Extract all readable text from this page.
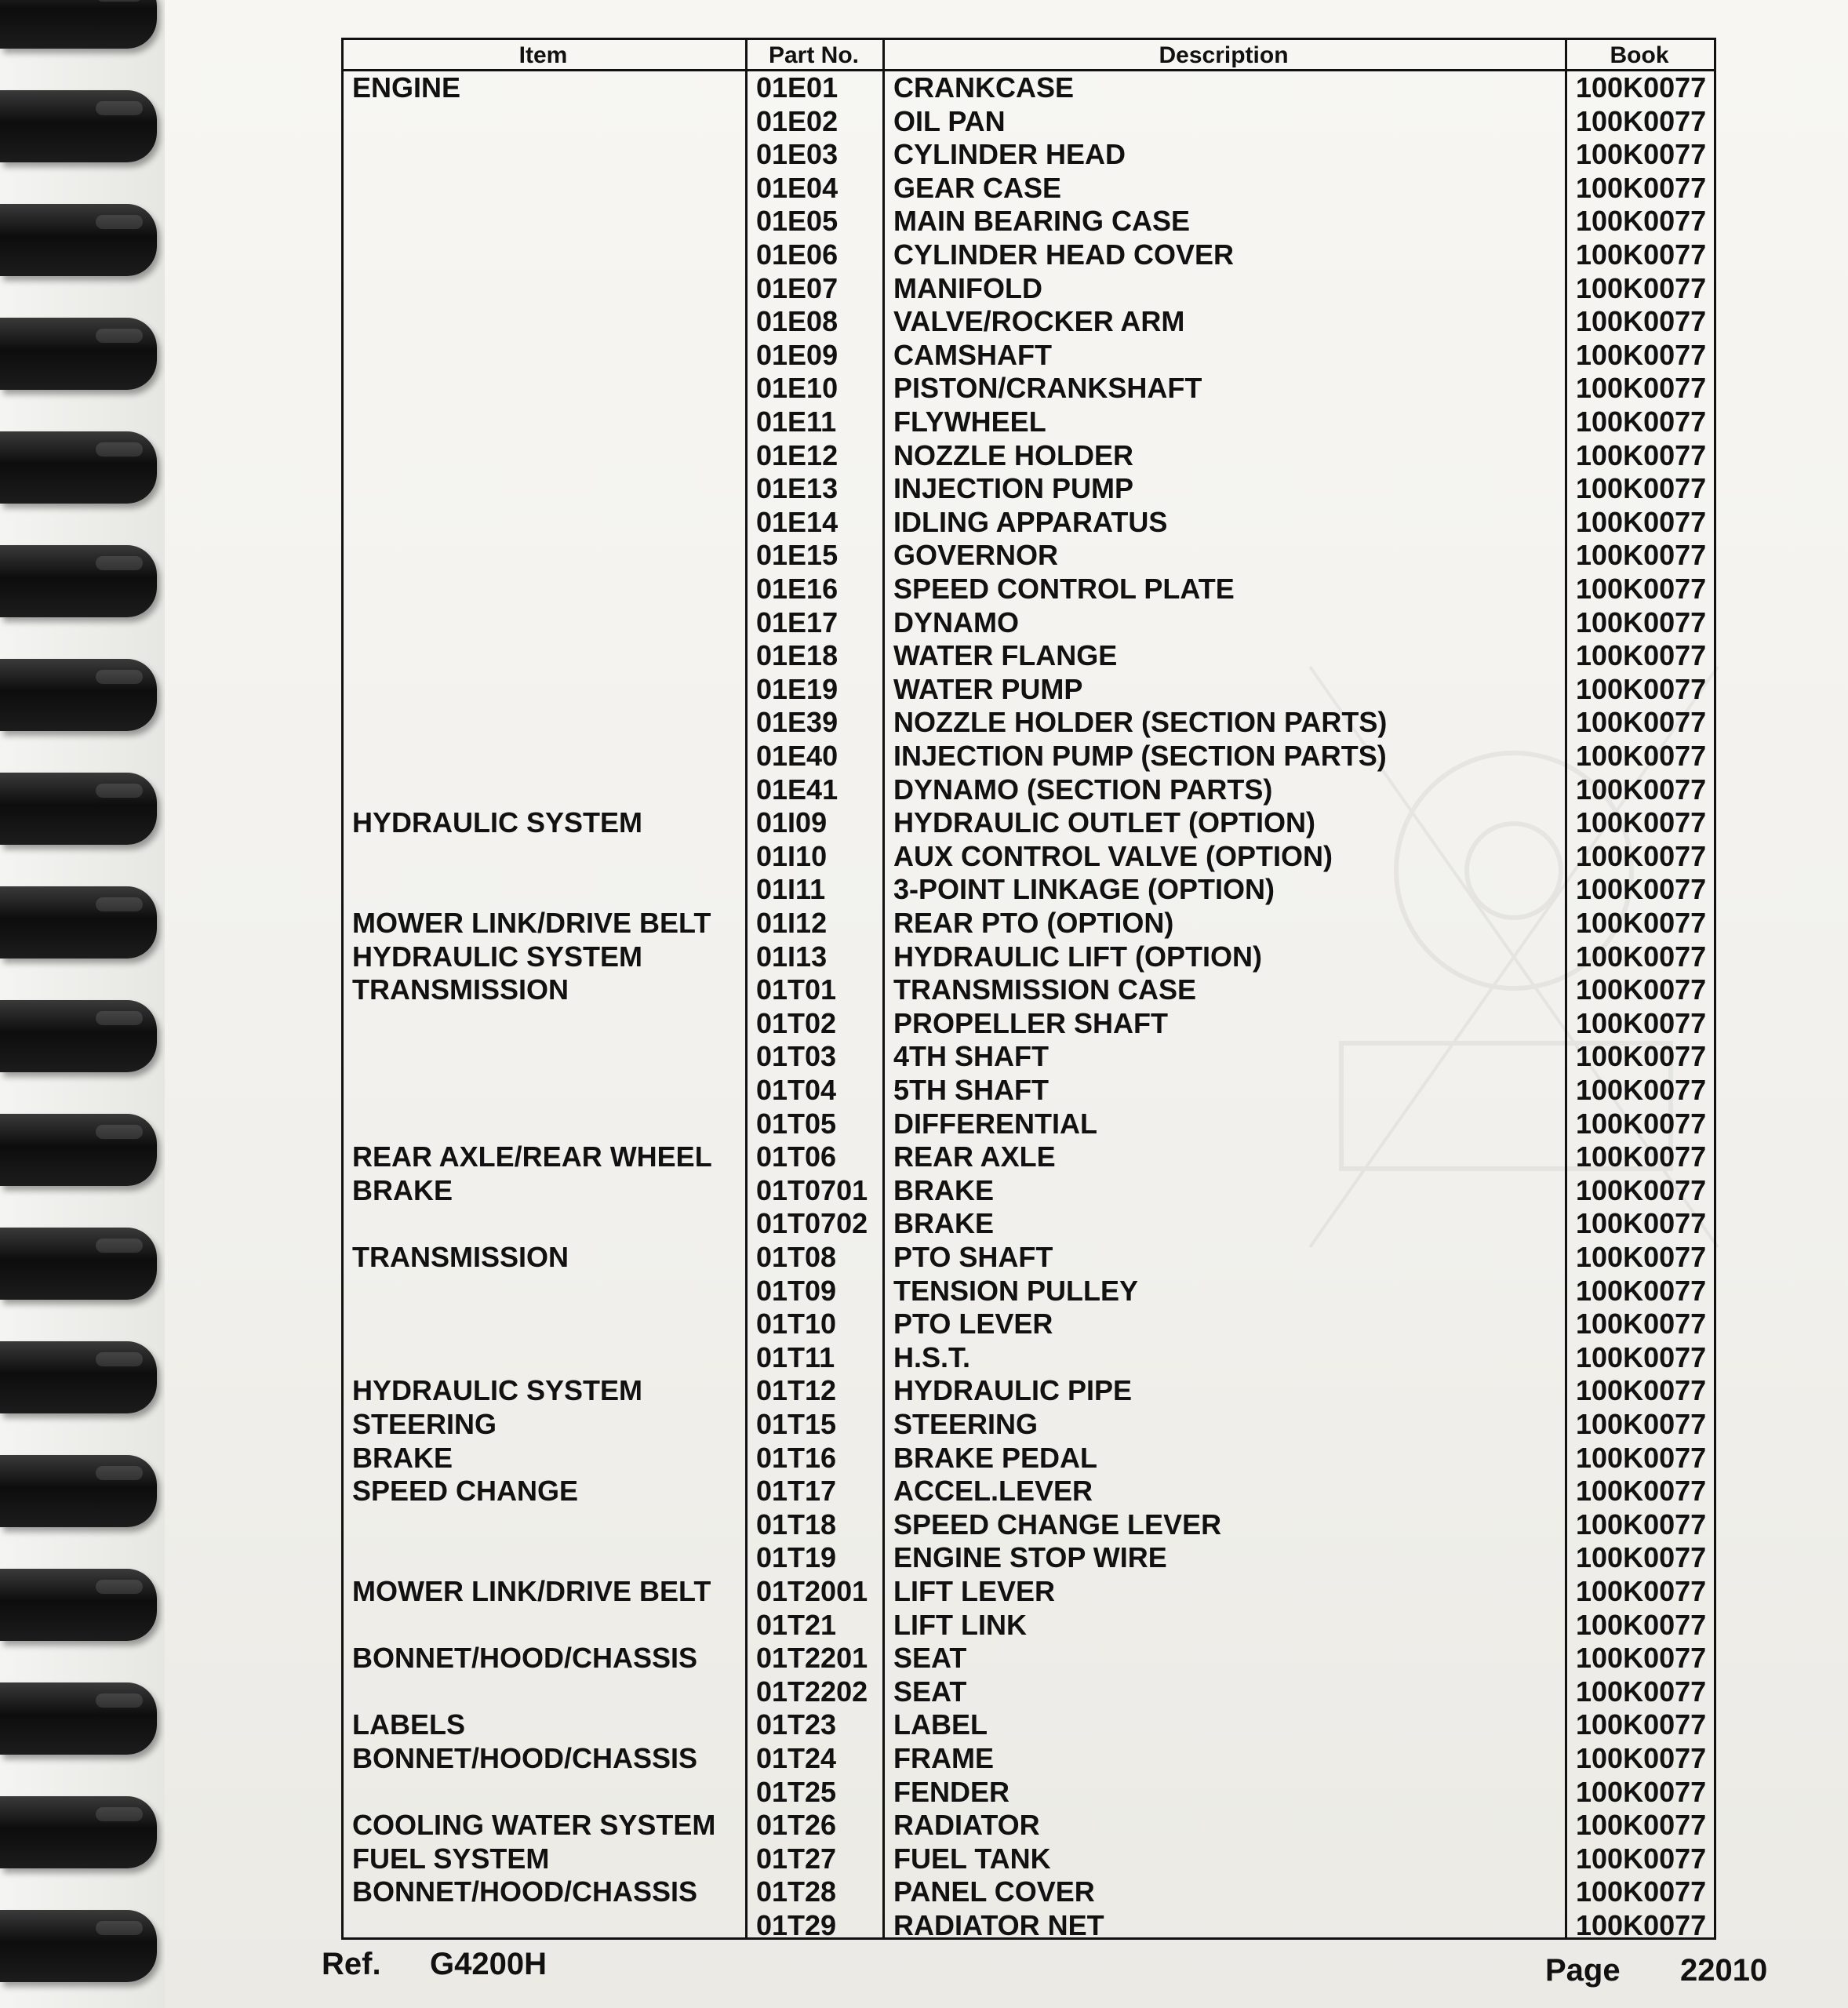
Item	Part No.	Description	Book
ENGINE	01E01 CRANKCASE	100K0077
01E02 OIL PAN	100K0077
01E03 CYLINDER HEAD	100K0077
01E04 GEAR CASE	100K0077
01E05 MAIN BEARING CASE	100K0077
01E06 CYLINDER HEAD COVER	100K0077
01E07 MANIFOLD	100K0077
01E08 VALVE/ROCKER ARM	100K0077
01E09 CAMSHAFT	100K0077
01E10 PISTON/CRANKSHAFT	100K0077
01E11 FLYWHEEL	100K0077
01E12 NOZZLE HOLDER	100K0077
01E13 INJECTION PUMP	100K0077
01E14 IDLING APPARATUS	100K0077
01E15 GOVERNOR	100K0077
01E16 SPEED CONTROL PLATE	100K0077
01E17 DYNAMO	100K0077
01E18 WATER FLANGE	100K0077
01E19 WATER PUMP	100K0077
01E39 NOZZLE HOLDER (SECTION PARTS)	100K0077
01E40 INJECTION PUMP (SECTION PARTS)	100K0077
01E41 DYNAMO (SECTION PARTS)	100K0077
HYDRAULIC SYSTEM	01I09 HYDRAULIC OUTLET (OPTION)	100K0077
01I10 AUX CONTROL VALVE (OPTION)	100K0077
01I11 3-POINT LINKAGE (OPTION)	100K0077
MOWER LINK/DRIVE BELT 01I12 REAR PTO (OPTION)	100K0077
HYDRAULIC SYSTEM	01I13 HYDRAULIC LIFT (OPTION)	100K0077
TRANSMISSION	01T01 TRANSMISSION CASE	100K0077
01T02 PROPELLER SHAFT	100K0077
01T03 4TH SHAFT	100K0077
01T04 5TH SHAFT	100K0077
01T05 DIFFERENTIAL	100K0077
REAR AXLE/REAR WHEEL 01T06 REAR AXLE	100K0077
BRAKE	01T0701 BRAKE	100K0077
01T0702 BRAKE	100K0077
TRANSMISSION	01T08 PTO SHAFT	100K0077
01T09 TENSION PULLEY	100K0077
01T10 PTO LEVER	100K0077
01T11 H.S.T.	100K0077
HYDRAULIC SYSTEM	01T12 HYDRAULIC PIPE	100K0077
STEERING	01T15 STEERING	100K0077
BRAKE	01T16 BRAKE PEDAL	100K0077
SPEED CHANGE	01T17 ACCEL.LEVER	100K0077
01T18 SPEED CHANGE LEVER	100K0077
01T19 ENGINE STOP WIRE	100K0077
MOWER LINK/DRIVE BELT 01T2001 LIFT LEVER	100K0077
01T21 LIFT LINK	100K0077
BONNET/HOOD/CHASSIS 01T2201 SEAT	100K0077
01T2202 SEAT	100K0077
LABELS	01T23 LABEL	100K0077
BONNET/HOOD/CHASSIS 01T24 FRAME	100K0077
01T25 FENDER	100K0077
COOLING WATER SYSTEM 01T26 RADIATOR	100K0077
FUEL SYSTEM	01T27 FUEL TANK	100K0077
BONNET/HOOD/CHASSIS 01T28 PANEL COVER	100K0077
01T29 RADIATOR NET	100K0077
Ref. G4200H	Page 22010
